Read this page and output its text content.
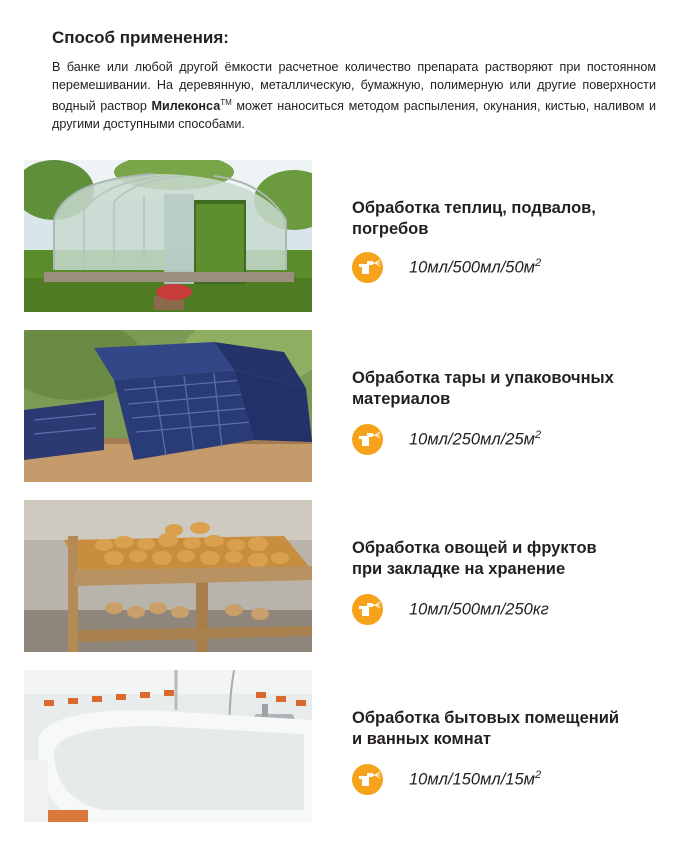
Способ применения:
В банке или любой другой ёмкости расчетное количество препарата растворяют при постоянном перемешивании. На деревянную, металлическую, бумажную, полимерную или другие поверхности водный раствор Милеконса™ может наноситься методом распыления, окунания, кистью, наливом и другими доступными способами.
Обработка теплиц, подвалов,
погребов
$10мл/500мл/50м^2$
Обработка тары и упаковочных
материалов
$10мл/250мл/25м^2$
Обработка овощей и фруктов
при закладке на хранение
10мл/500мл/250кг
Обработка бытовых помещений
и ванных комнат
$10мл/150мл/15м^2$
